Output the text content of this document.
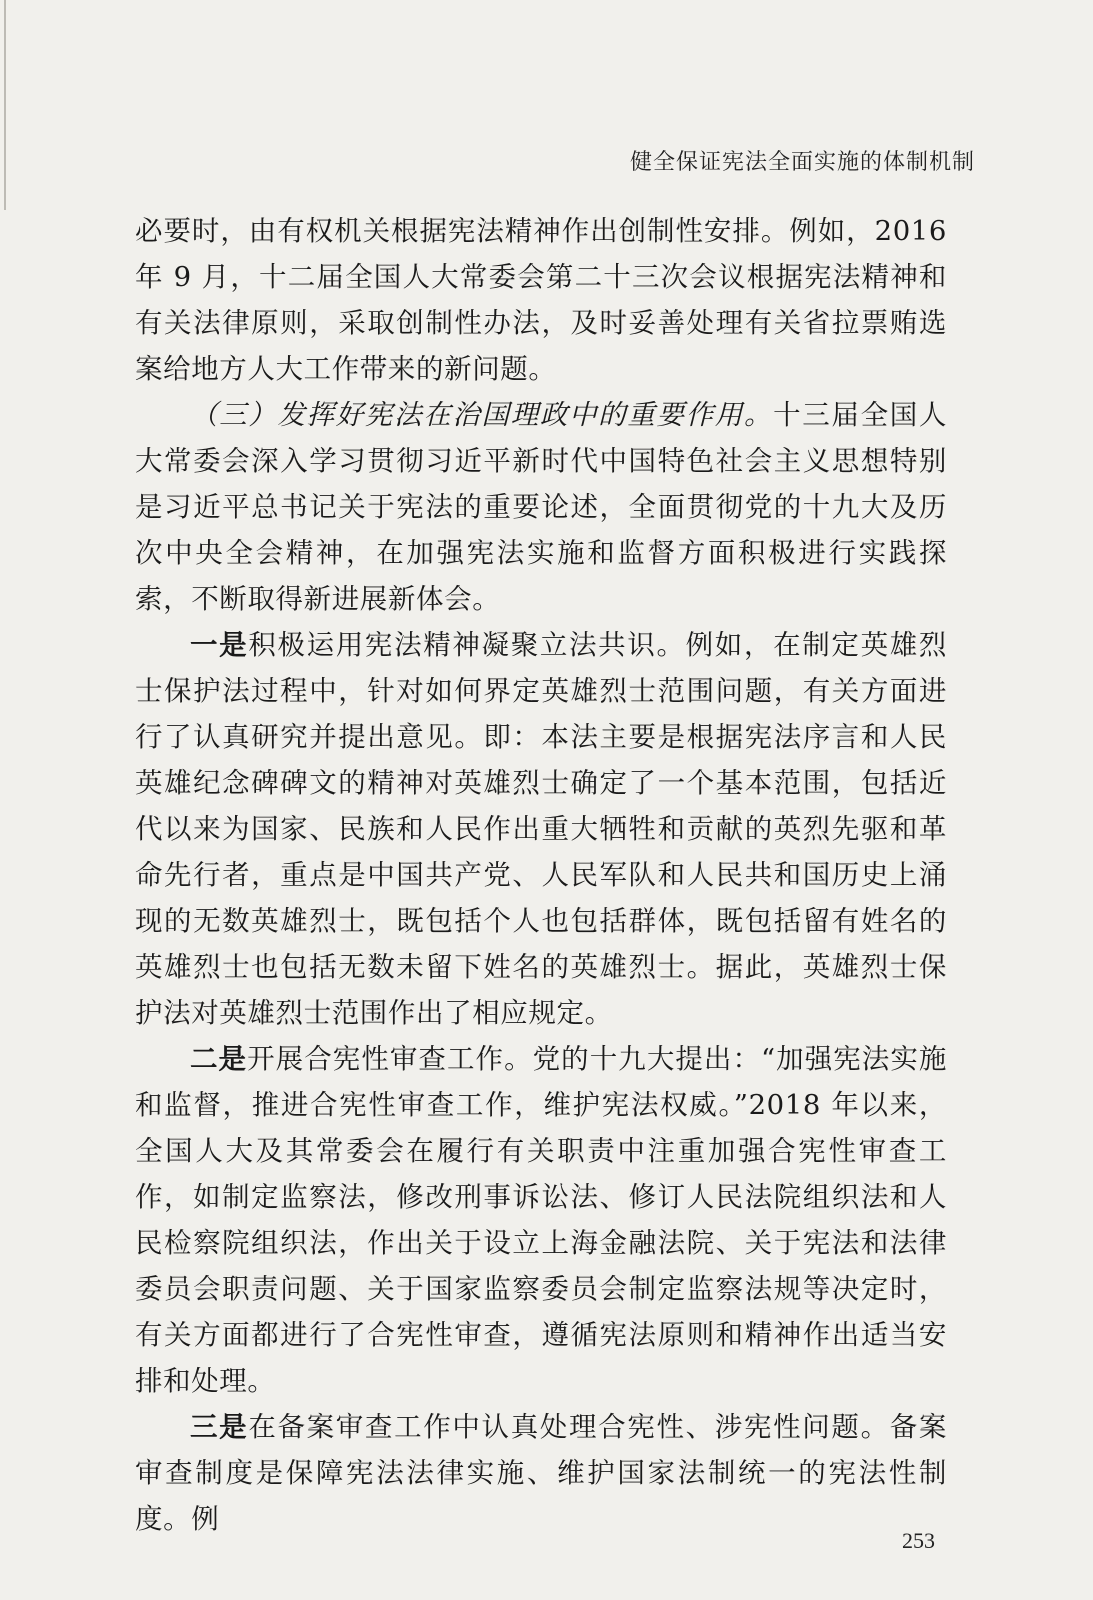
健全保证宪法全面实施的体制机制

必要时，由有权机关根据宪法精神作出创制性安排。例如，2016 年 9 月，十二届全国人大常委会第二十三次会议根据宪法精神和有关法律原则，采取创制性办法，及时妥善处理有关省拉票贿选案给地方人大工作带来的新问题。

（三）发挥好宪法在治国理政中的重要作用。十三届全国人大常委会深入学习贯彻习近平新时代中国特色社会主义思想特别是习近平总书记关于宪法的重要论述，全面贯彻党的十九大及历次中央全会精神，在加强宪法实施和监督方面积极进行实践探索，不断取得新进展新体会。

一是积极运用宪法精神凝聚立法共识。例如，在制定英雄烈士保护法过程中，针对如何界定英雄烈士范围问题，有关方面进行了认真研究并提出意见。即：本法主要是根据宪法序言和人民英雄纪念碑碑文的精神对英雄烈士确定了一个基本范围，包括近代以来为国家、民族和人民作出重大牺牲和贡献的英烈先驱和革命先行者，重点是中国共产党、人民军队和人民共和国历史上涌现的无数英雄烈士，既包括个人也包括群体，既包括留有姓名的英雄烈士也包括无数未留下姓名的英雄烈士。据此，英雄烈士保护法对英雄烈士范围作出了相应规定。

二是开展合宪性审查工作。党的十九大提出：“加强宪法实施和监督，推进合宪性审查工作，维护宪法权威。”2018 年以来，全国人大及其常委会在履行有关职责中注重加强合宪性审查工作，如制定监察法，修改刑事诉讼法、修订人民法院组织法和人民检察院组织法，作出关于设立上海金融法院、关于宪法和法律委员会职责问题、关于国家监察委员会制定监察法规等决定时，有关方面都进行了合宪性审查，遵循宪法原则和精神作出适当安排和处理。

三是在备案审查工作中认真处理合宪性、涉宪性问题。备案审查制度是保障宪法法律实施、维护国家法制统一的宪法性制度。例

253
